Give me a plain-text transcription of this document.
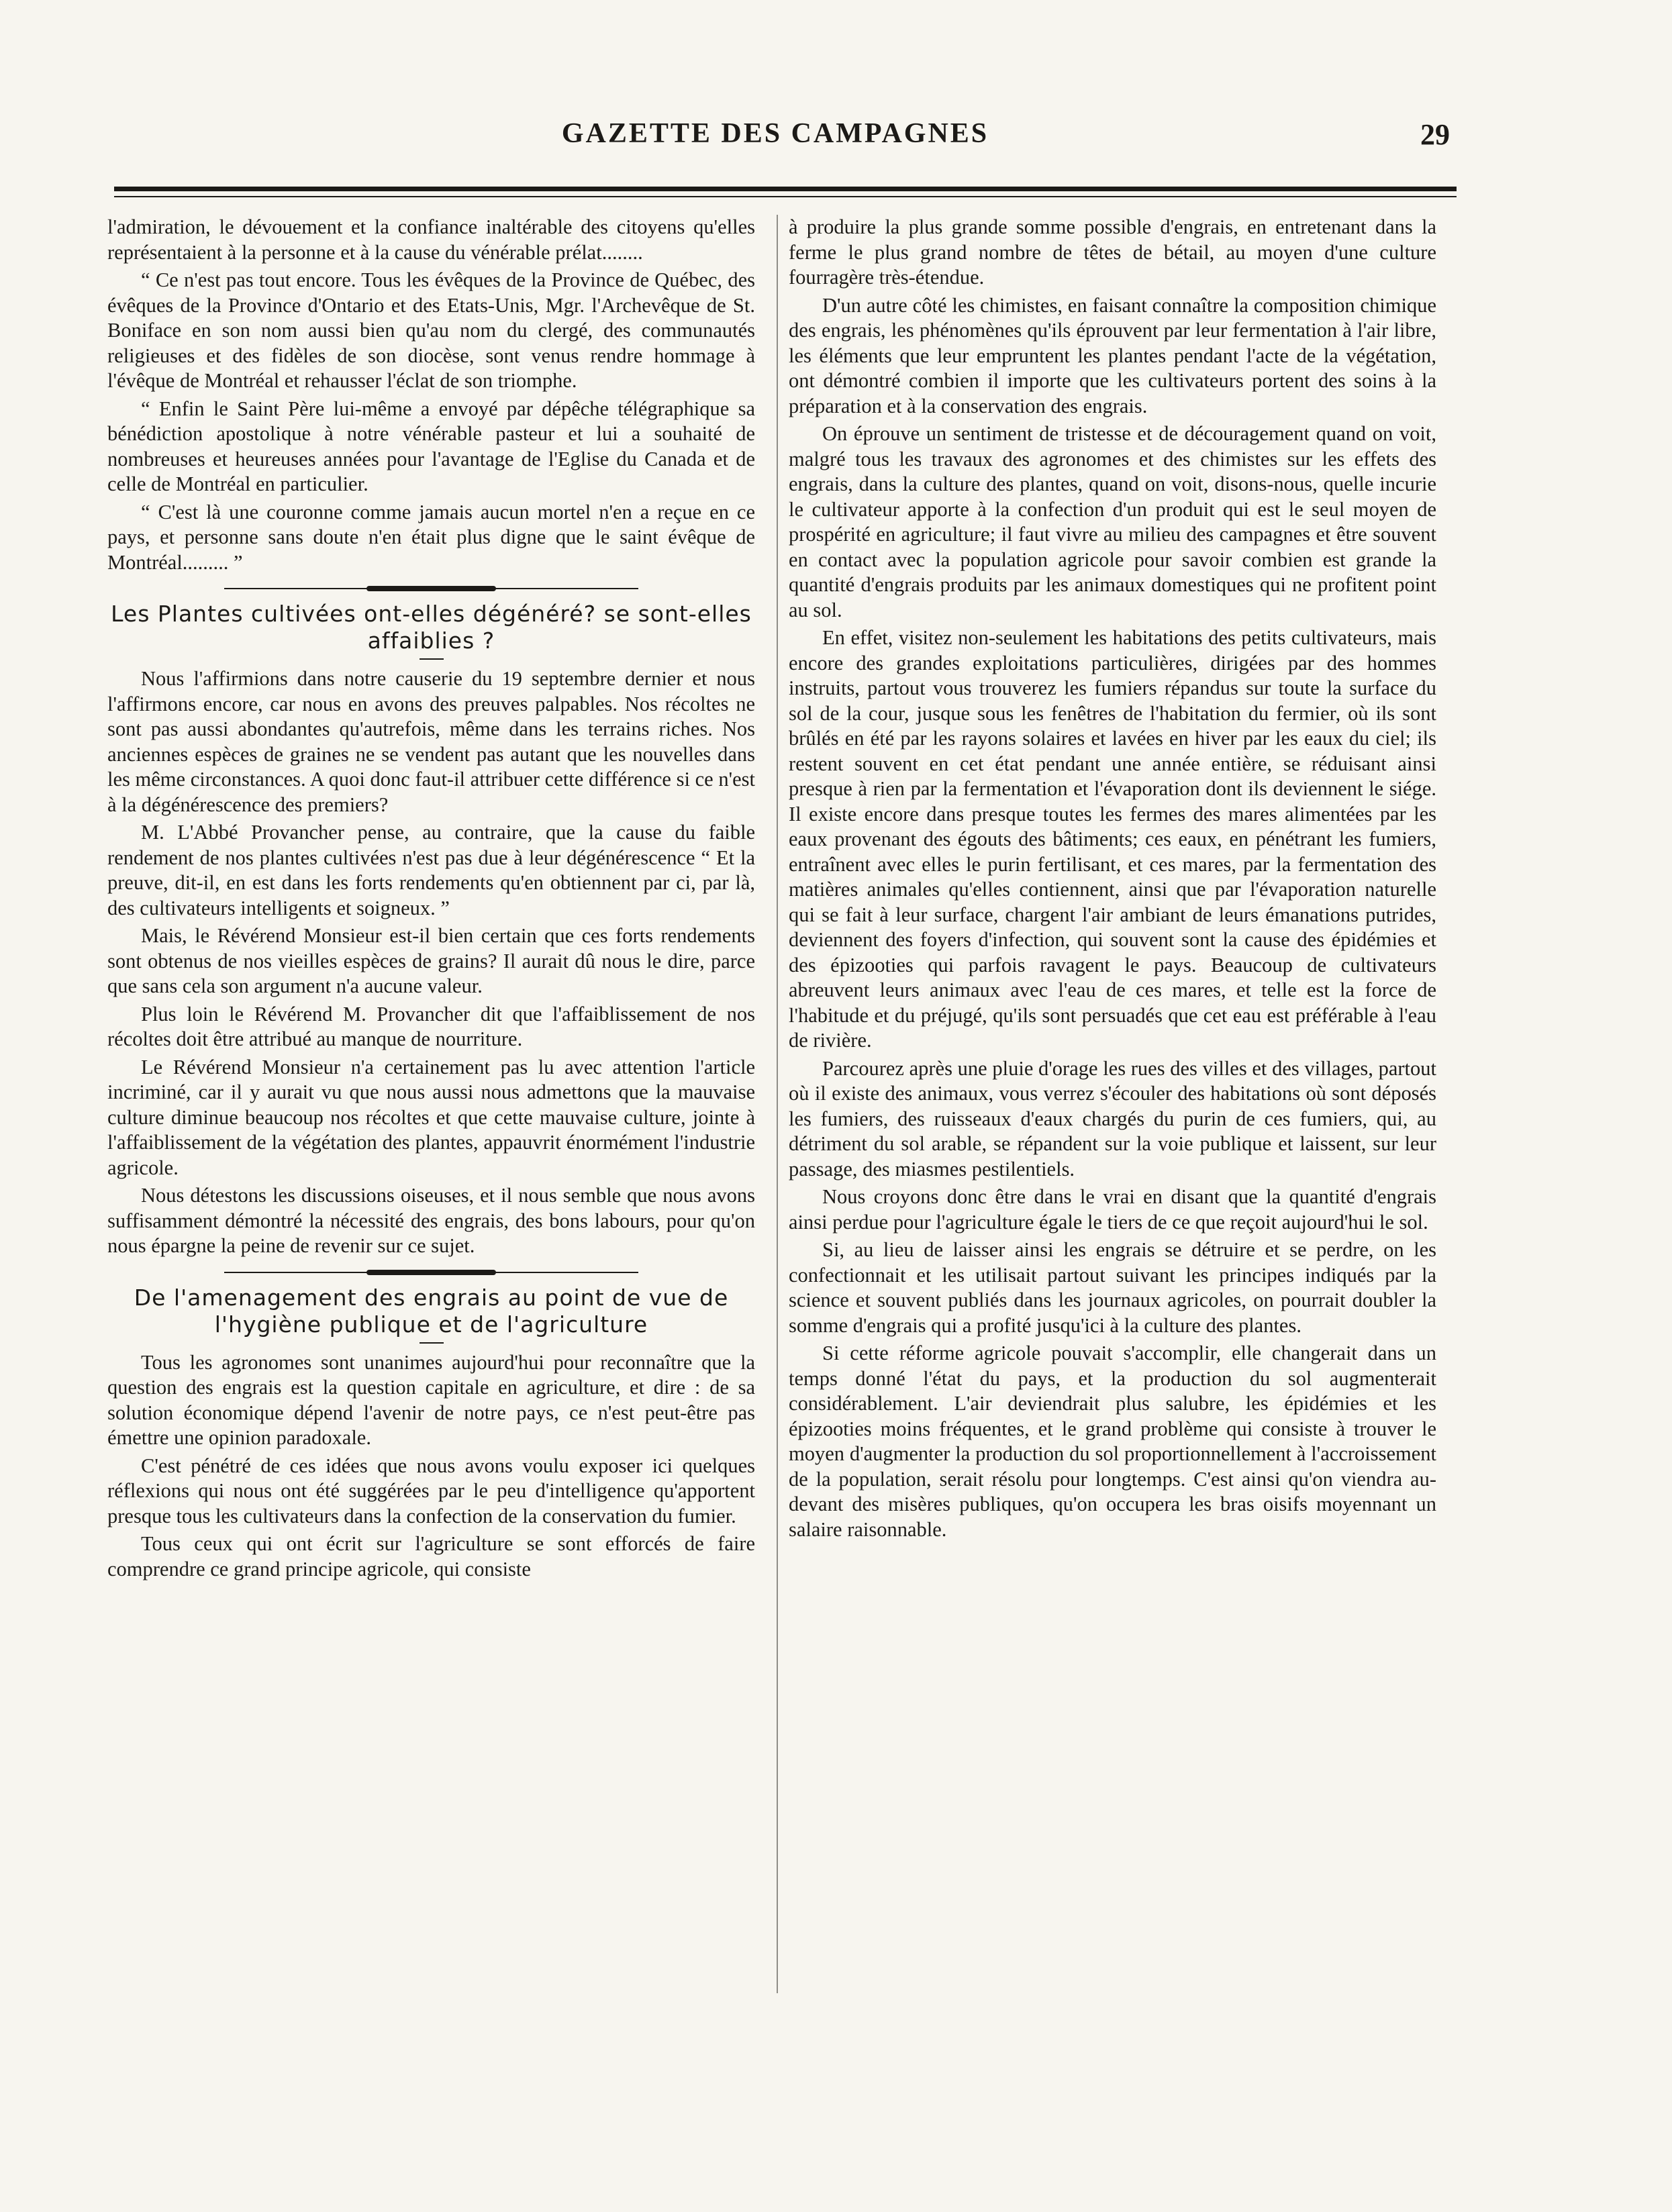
GAZETTE DES CAMPAGNES	29

l'admiration, le dévouement et la confiance inaltérable des citoyens qu'elles représentaient à la personne et à la cause du vénérable prélat........

“ Ce n'est pas tout encore. Tous les évêques de la Province de Québec, des évêques de la Province d'Ontario et des Etats-Unis, Mgr. l'Archevêque de St. Boniface en son nom aussi bien qu'au nom du clergé, des communautés religieuses et des fidèles de son diocèse, sont venus rendre hommage à l'évêque de Montréal et rehausser l'éclat de son triomphe.

“ Enfin le Saint Père lui-même a envoyé par dépêche télégraphique sa bénédiction apostolique à notre vénérable pasteur et lui a souhaité de nombreuses et heureuses années pour l'avantage de l'Eglise du Canada et de celle de Montréal en particulier.

“ C'est là une couronne comme jamais aucun mortel n'en a reçue en ce pays, et personne sans doute n'en était plus digne que le saint évêque de Montréal......... ”

Les Plantes cultivées ont-elles dégénéré? se sont-elles affaiblies ?

Nous l'affirmions dans notre causerie du 19 septembre dernier et nous l'affirmons encore, car nous en avons des preuves palpables. Nos récoltes ne sont pas aussi abondantes qu'autrefois, même dans les terrains riches. Nos anciennes espèces de graines ne se vendent pas autant que les nouvelles dans les même circonstances. A quoi donc faut-il attribuer cette différence si ce n'est à la dégénérescence des premiers?

M. L'Abbé Provancher pense, au contraire, que la cause du faible rendement de nos plantes cultivées n'est pas due à leur dégénérescence “ Et la preuve, dit-il, en est dans les forts rendements qu'en obtiennent par ci, par là, des cultivateurs intelligents et soigneux. ”

Mais, le Révérend Monsieur est-il bien certain que ces forts rendements sont obtenus de nos vieilles espèces de grains? Il aurait dû nous le dire, parce que sans cela son argument n'a aucune valeur.

Plus loin le Révérend M. Provancher dit que l'affaiblissement de nos récoltes doit être attribué au manque de nourriture.

Le Révérend Monsieur n'a certainement pas lu avec attention l'article incriminé, car il y aurait vu que nous aussi nous admettons que la mauvaise culture diminue beaucoup nos récoltes et que cette mauvaise culture, jointe à l'affaiblissement de la végétation des plantes, appauvrit énormément l'industrie agricole.

Nous détestons les discussions oiseuses, et il nous semble que nous avons suffisamment démontré la nécessité des engrais, des bons labours, pour qu'on nous épargne la peine de revenir sur ce sujet.

De l'amenagement des engrais au point de vue de l'hygiène publique et de l'agriculture

Tous les agronomes sont unanimes aujourd'hui pour reconnaître que la question des engrais est la question capitale en agriculture, et dire : de sa solution économique dépend l'avenir de notre pays, ce n'est peut-être pas émettre une opinion paradoxale.

C'est pénétré de ces idées que nous avons voulu exposer ici quelques réflexions qui nous ont été suggérées par le peu d'intelligence qu'apportent presque tous les cultivateurs dans la confection de la conservation du fumier.

Tous ceux qui ont écrit sur l'agriculture se sont efforcés de faire comprendre ce grand principe agricole, qui consiste

à produire la plus grande somme possible d'engrais, en entretenant dans la ferme le plus grand nombre de têtes de bétail, au moyen d'une culture fourragère très-étendue.

D'un autre côté les chimistes, en faisant connaître la composition chimique des engrais, les phénomènes qu'ils éprouvent par leur fermentation à l'air libre, les éléments que leur empruntent les plantes pendant l'acte de la végétation, ont démontré combien il importe que les cultivateurs portent des soins à la préparation et à la conservation des engrais.

On éprouve un sentiment de tristesse et de découragement quand on voit, malgré tous les travaux des agronomes et des chimistes sur les effets des engrais, dans la culture des plantes, quand on voit, disons-nous, quelle incurie le cultivateur apporte à la confection d'un produit qui est le seul moyen de prospérité en agriculture; il faut vivre au milieu des campagnes et être souvent en contact avec la population agricole pour savoir combien est grande la quantité d'engrais produits par les animaux domestiques qui ne profitent point au sol.

En effet, visitez non-seulement les habitations des petits cultivateurs, mais encore des grandes exploitations particulières, dirigées par des hommes instruits, partout vous trouverez les fumiers répandus sur toute la surface du sol de la cour, jusque sous les fenêtres de l'habitation du fermier, où ils sont brûlés en été par les rayons solaires et lavées en hiver par les eaux du ciel; ils restent souvent en cet état pendant une année entière, se réduisant ainsi presque à rien par la fermentation et l'évaporation dont ils deviennent le siége. Il existe encore dans presque toutes les fermes des mares alimentées par les eaux provenant des égouts des bâtiments; ces eaux, en pénétrant les fumiers, entraînent avec elles le purin fertilisant, et ces mares, par la fermentation des matières animales qu'elles contiennent, ainsi que par l'évaporation naturelle qui se fait à leur surface, chargent l'air ambiant de leurs émanations putrides, deviennent des foyers d'infection, qui souvent sont la cause des épidémies et des épizooties qui parfois ravagent le pays. Beaucoup de cultivateurs abreuvent leurs animaux avec l'eau de ces mares, et telle est la force de l'habitude et du préjugé, qu'ils sont persuadés que cet eau est préférable à l'eau de rivière.

Parcourez après une pluie d'orage les rues des villes et des villages, partout où il existe des animaux, vous verrez s'écouler des habitations où sont déposés les fumiers, des ruisseaux d'eaux chargés du purin de ces fumiers, qui, au détriment du sol arable, se répandent sur la voie publique et laissent, sur leur passage, des miasmes pestilentiels.

Nous croyons donc être dans le vrai en disant que la quantité d'engrais ainsi perdue pour l'agriculture égale le tiers de ce que reçoit aujourd'hui le sol.

Si, au lieu de laisser ainsi les engrais se détruire et se perdre, on les confectionnait et les utilisait partout suivant les principes indiqués par la science et souvent publiés dans les journaux agricoles, on pourrait doubler la somme d'engrais qui a profité jusqu'ici à la culture des plantes.

Si cette réforme agricole pouvait s'accomplir, elle changerait dans un temps donné l'état du pays, et la production du sol augmenterait considérablement. L'air deviendrait plus salubre, les épidémies et les épizooties moins fréquentes, et le grand problème qui consiste à trouver le moyen d'augmenter la production du sol proportionnellement à l'accroissement de la population, serait résolu pour longtemps. C'est ainsi qu'on viendra au-devant des misères publiques, qu'on occupera les bras oisifs moyennant un salaire raisonnable.
